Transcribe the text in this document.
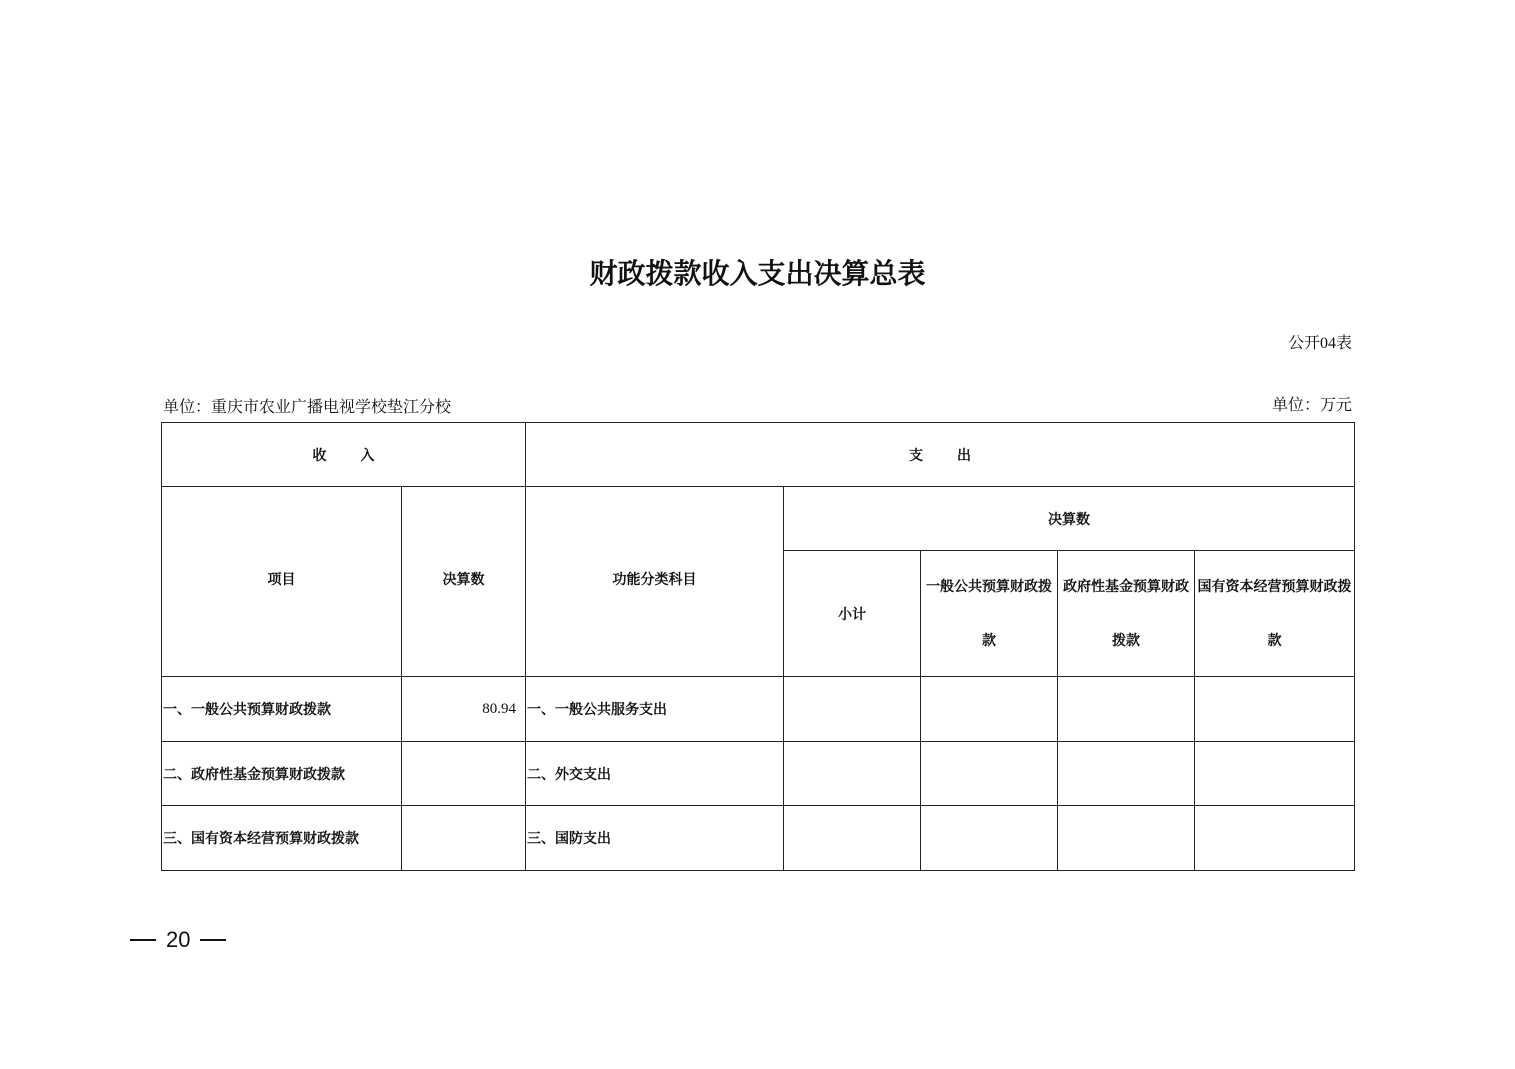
财政拨款收入支出决算总表
公开04表
单位：重庆市农业广播电视学校垫江分校	单位：万元
收入		支出				

项目	决算数	功能分类科目	决算数			
			小计	一般公共预算财政拨款	政府性基金预算财政拨款	国有资本经营预算财政拨款
一、一般公共预算财政拨款	80.94	一、一般公共服务支出				
二、政府性基金预算财政拨款		二、外交支出				
三、国有资本经营预算财政拨款		三、国防支出				
20
